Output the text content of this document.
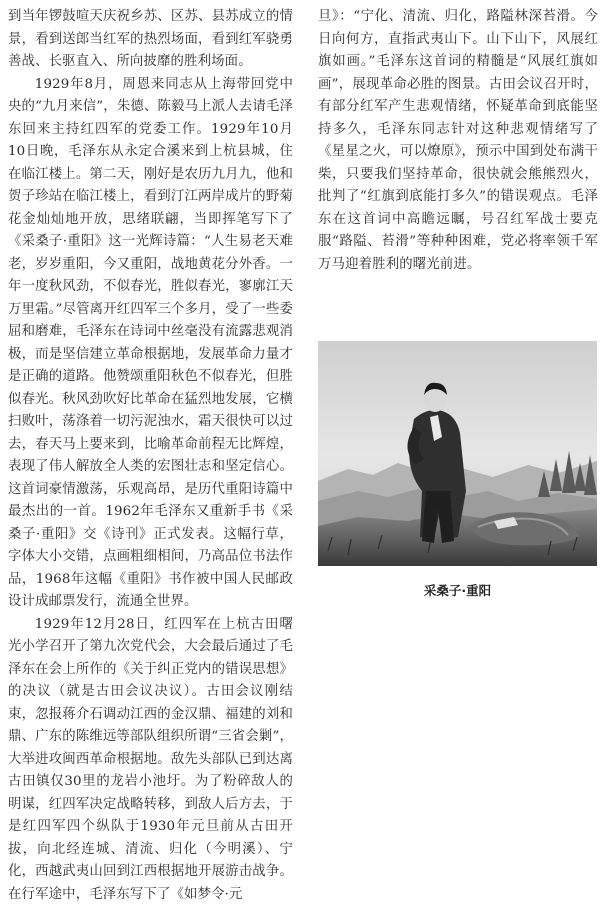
到当年锣鼓喧天庆祝乡苏、区苏、县苏成立的情景，看到送郎当红军的热烈场面，看到红军骁勇善战、长驱直入、所向披靡的胜利场面。

1929年8月，周恩来同志从上海带回党中央的“九月来信”，朱德、陈毅马上派人去请毛泽东回来主持红四军的党委工作。1929年10月10日晚，毛泽东从永定合溪来到上杭县城，住在临江楼上。第二天，刚好是农历九月九，他和贺子珍站在临江楼上，看到汀江两岸成片的野菊花金灿灿地开放，思绪联翩，当即挥笔写下了《采桑子·重阳》这一光辉诗篇：“人生易老天难老，岁岁重阳，今又重阳，战地黄花分外香。一年一度秋风劲，不似春光，胜似春光，寥廓江天万里霜。”尽管离开红四军三个多月，受了一些委屈和磨难，毛泽东在诗词中丝毫没有流露悲观消极，而是坚信建立革命根据地，发展革命力量才是正确的道路。他赞颂重阳秋色不似春光，但胜似春光。秋风劲吹好比革命在猛烈地发展，它横扫败叶，荡涤着一切污泥浊水，霜天很快可以过去，春天马上要来到，比喻革命前程无比辉煌，表现了伟人解放全人类的宏图壮志和坚定信心。这首词豪情激荡，乐观高昂，是历代重阳诗篇中最杰出的一首。1962年毛泽东又重新手书《采桑子·重阳》交《诗刊》正式发表。这幅行草，字体大小交错，点画粗细相间，乃高品位书法作品，1968年这幅《重阳》书作被中国人民邮政设计成邮票发行，流通全世界。

1929年12月28日，红四军在上杭古田曙光小学召开了第九次党代会，大会最后通过了毛泽东在会上所作的《关于纠正党内的错误思想》的决议（就是古田会议决议）。古田会议刚结束，忽报蒋介石调动江西的金汉鼎、福建的刘和鼎、广东的陈维远等部队组织所谓“三省会剿”，大举进攻闽西革命根据地。敌先头部队已到达离古田镇仅30里的龙岩小池圩。为了粉碎敌人的明谋，红四军决定战略转移，到敌人后方去，于是红四军四个纵队于1930年元旦前从古田开拔，向北经连城、清流、归化（今明溪）、宁化，西越武夷山回到江西根据地开展游击战争。在行军途中，毛泽东写下了《如梦令·元

旦》：“宁化、清流、归化，路隘林深苔滑。今日向何方，直指武夷山下。山下山下，风展红旗如画。”毛泽东这首词的精髓是“风展红旗如画”，展现革命必胜的图景。古田会议召开时，有部分红军产生悲观情绪，怀疑革命到底能坚持多久，毛泽东同志针对这种悲观情绪写了《星星之火，可以燎原》，预示中国到处布满干柴，只要我们坚持革命，很快就会熊熊烈火，批判了“红旗到底能打多久”的错误观点。毛泽东在这首词中高瞻远瞩，号召红军战士要克服“路隘、苔滑”等种种困难，党必将率领千军万马迎着胜利的曙光前进。

采桑子·重阳
